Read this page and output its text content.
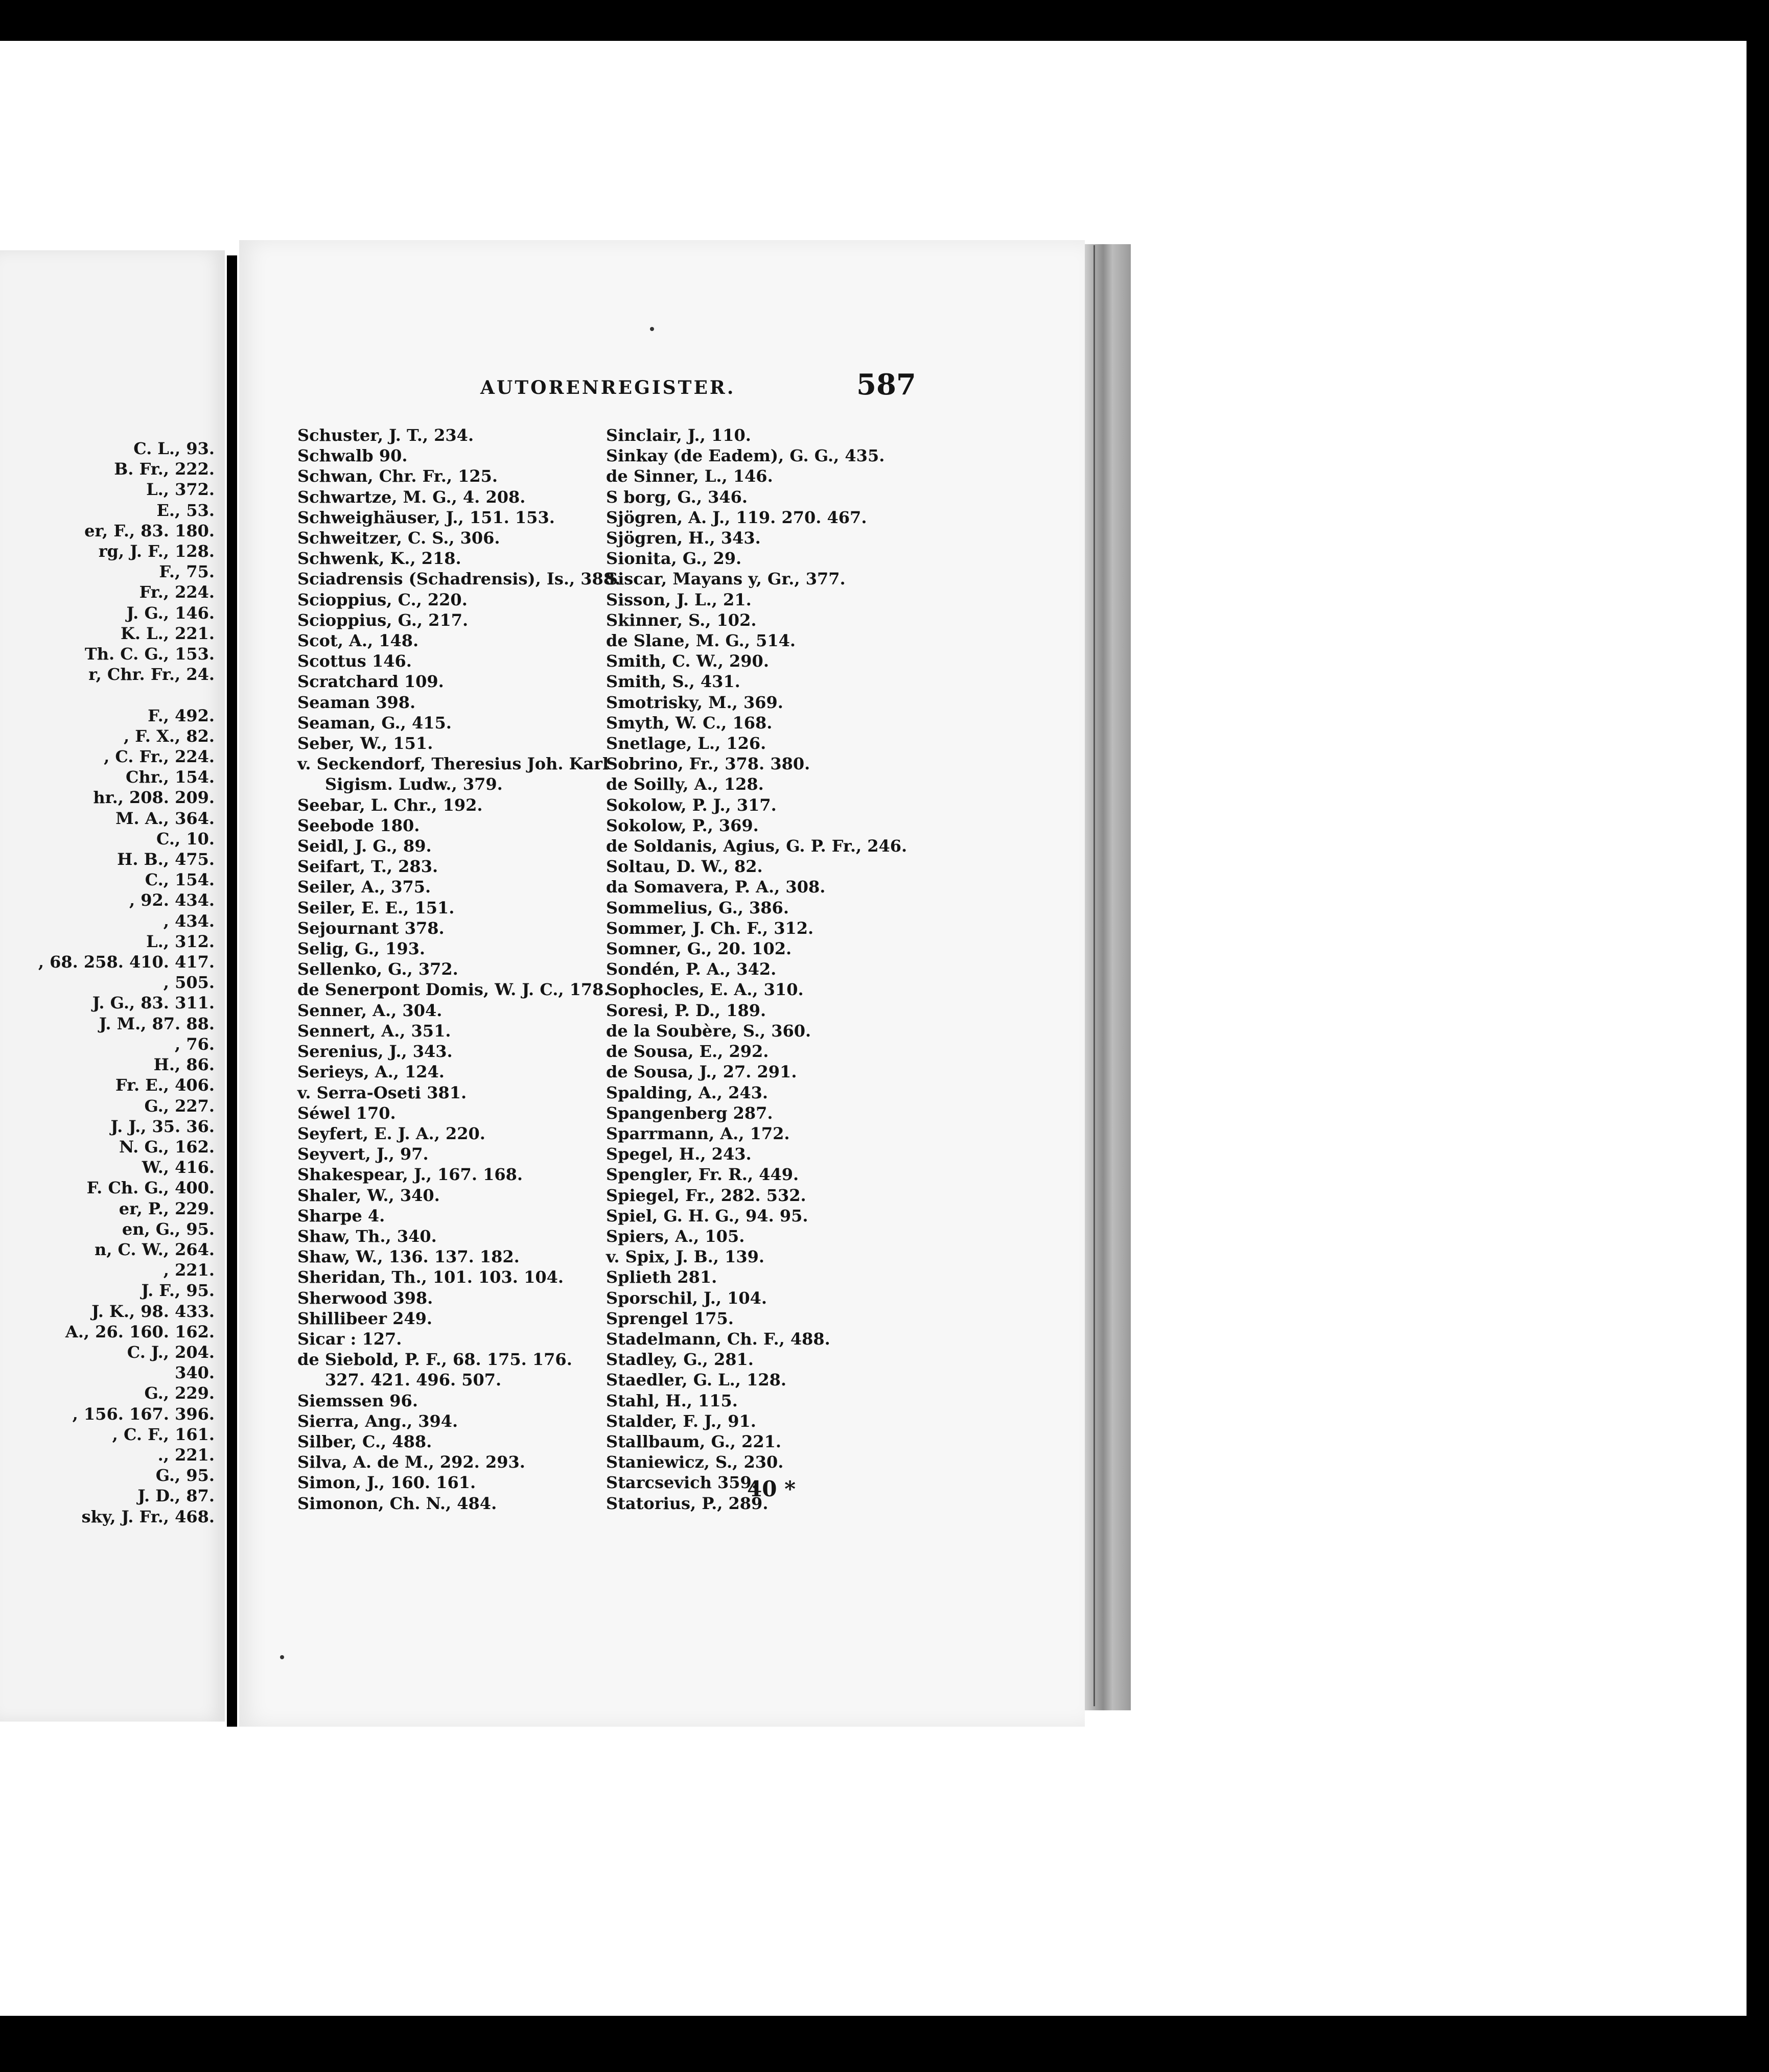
C. L., 93.
B. Fr., 222.
L., 372.
E., 53.
er, F., 83. 180.
rg, J. F., 128.
F., 75.
Fr., 224.
J. G., 146.
K. L., 221.
Th. C. G., 153.
r, Chr. Fr., 24.

F., 492.
, F. X., 82.
, C. Fr., 224.
Chr., 154.
hr., 208. 209.
M. A., 364.
C., 10.
H. B., 475.
C., 154.
, 92. 434.
, 434.
L., 312.
, 68. 258. 410. 417.
, 505.
J. G., 83. 311.
J. M., 87. 88.
, 76.
H., 86.
Fr. E., 406.
G., 227.
J. J., 35. 36.
N. G., 162.
W., 416.
F. Ch. G., 400.
er, P., 229.
en, G., 95.
n, C. W., 264.
, 221.
J. F., 95.
J. K., 98. 433.
A., 26. 160. 162.
C. J., 204.
340.
G., 229.
, 156. 167. 396.
, C. F., 161.
., 221.
G., 95.
J. D., 87.
sky, J. Fr., 468.
AUTORENREGISTER.	587
Schuster, J. T., 234.
Schwalb 90.
Schwan, Chr. Fr., 125.
Schwartze, M. G., 4. 208.
Schweighäuser, J., 151. 153.
Schweitzer, C. S., 306.
Schwenk, K., 218.
Sciadrensis (Schadrensis), Is., 388.
Scioppius, C., 220.
Scioppius, G., 217.
Scot, A., 148.
Scottus 146.
Scratchard 109.
Seaman 398.
Seaman, G., 415.
Seber, W., 151.
v. Seckendorf, Theresius Joh. Karl
Sigism. Ludw., 379.
Seebar, L. Chr., 192.
Seebode 180.
Seidl, J. G., 89.
Seifart, T., 283.
Seiler, A., 375.
Seiler, E. E., 151.
Sejournant 378.
Selig, G., 193.
Sellenko, G., 372.
de Senerpont Domis, W. J. C., 178.
Senner, A., 304.
Sennert, A., 351.
Serenius, J., 343.
Serieys, A., 124.
v. Serra-Oseti 381.
Séwel 170.
Seyfert, E. J. A., 220.
Seyvert, J., 97.
Shakespear, J., 167. 168.
Shaler, W., 340.
Sharpe 4.
Shaw, Th., 340.
Shaw, W., 136. 137. 182.
Sheridan, Th., 101. 103. 104.
Sherwood 398.
Shillibeer 249.
Sicar : 127.
de Siebold, P. F., 68. 175. 176.
327. 421. 496. 507.
Siemssen 96.
Sierra, Ang., 394.
Silber, C., 488.
Silva, A. de M., 292. 293.
Simon, J., 160. 161.
Simonon, Ch. N., 484.
Sinclair, J., 110.
Sinkay (de Eadem), G. G., 435.
de Sinner, L., 146.
S borg, G., 346.
Sjögren, A. J., 119. 270. 467.
Sjögren, H., 343.
Sionita, G., 29.
Siscar, Mayans y, Gr., 377.
Sisson, J. L., 21.
Skinner, S., 102.
de Slane, M. G., 514.
Smith, C. W., 290.
Smith, S., 431.
Smotrisky, M., 369.
Smyth, W. C., 168.
Snetlage, L., 126.
Sobrino, Fr., 378. 380.
de Soilly, A., 128.
Sokolow, P. J., 317.
Sokolow, P., 369.
de Soldanis, Agius, G. P. Fr., 246.
Soltau, D. W., 82.
da Somavera, P. A., 308.
Sommelius, G., 386.
Sommer, J. Ch. F., 312.
Somner, G., 20. 102.
Sondén, P. A., 342.
Sophocles, E. A., 310.
Soresi, P. D., 189.
de la Soubère, S., 360.
de Sousa, E., 292.
de Sousa, J., 27. 291.
Spalding, A., 243.
Spangenberg 287.
Sparrmann, A., 172.
Spegel, H., 243.
Spengler, Fr. R., 449.
Spiegel, Fr., 282. 532.
Spiel, G. H. G., 94. 95.
Spiers, A., 105.
v. Spix, J. B., 139.
Splieth 281.
Sporschil, J., 104.
Sprengel 175.
Stadelmann, Ch. F., 488.
Stadley, G., 281.
Staedler, G. L., 128.
Stahl, H., 115.
Stalder, F. J., 91.
Stallbaum, G., 221.
Staniewicz, S., 230.
Starcsevich 359.
Statorius, P., 289.
40 *
